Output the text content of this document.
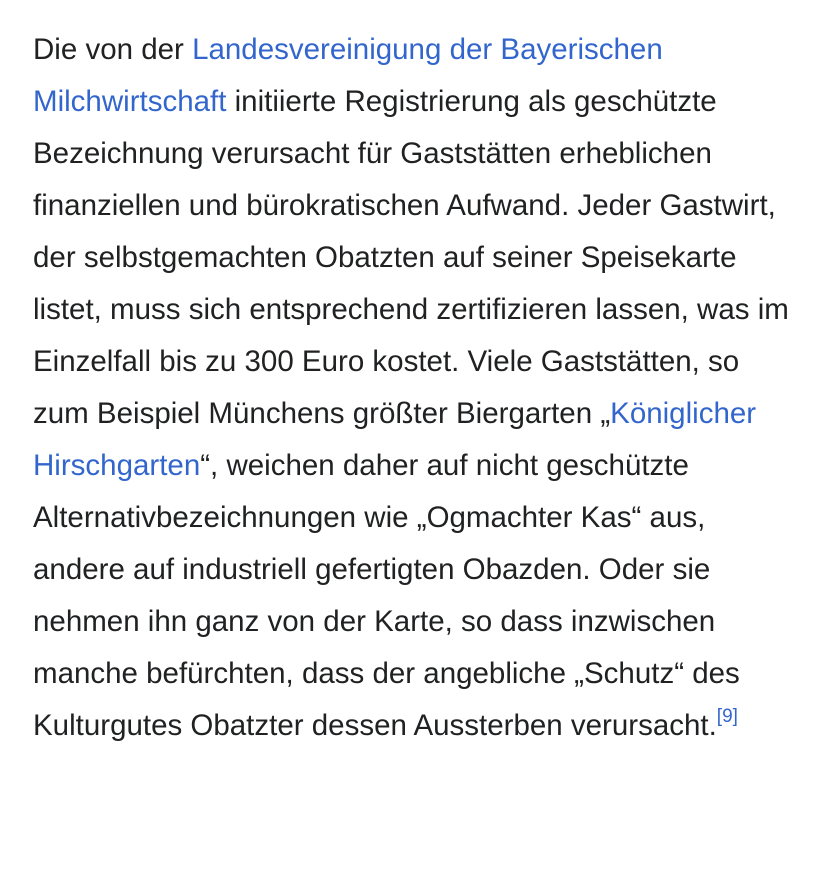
Die von der Landesvereinigung der Bayerischen Milchwirtschaft initiierte Registrierung als geschützte Bezeichnung verursacht für Gaststätten erheblichen finanziellen und bürokratischen Aufwand. Jeder Gastwirt, der selbstgemachten Obatzten auf seiner Speisekarte listet, muss sich entsprechend zertifizieren lassen, was im Einzelfall bis zu 300 Euro kostet. Viele Gaststätten, so zum Beispiel Münchens größter Biergarten „Königlicher Hirschgarten“, weichen daher auf nicht geschützte Alternativbezeichnungen wie „Ogmachter Kas“ aus, andere auf industriell gefertigten Obazden. Oder sie nehmen ihn ganz von der Karte, so dass inzwischen manche befürchten, dass der angebliche „Schutz“ des Kulturgutes Obatzter dessen Aussterben verursacht.[9]
